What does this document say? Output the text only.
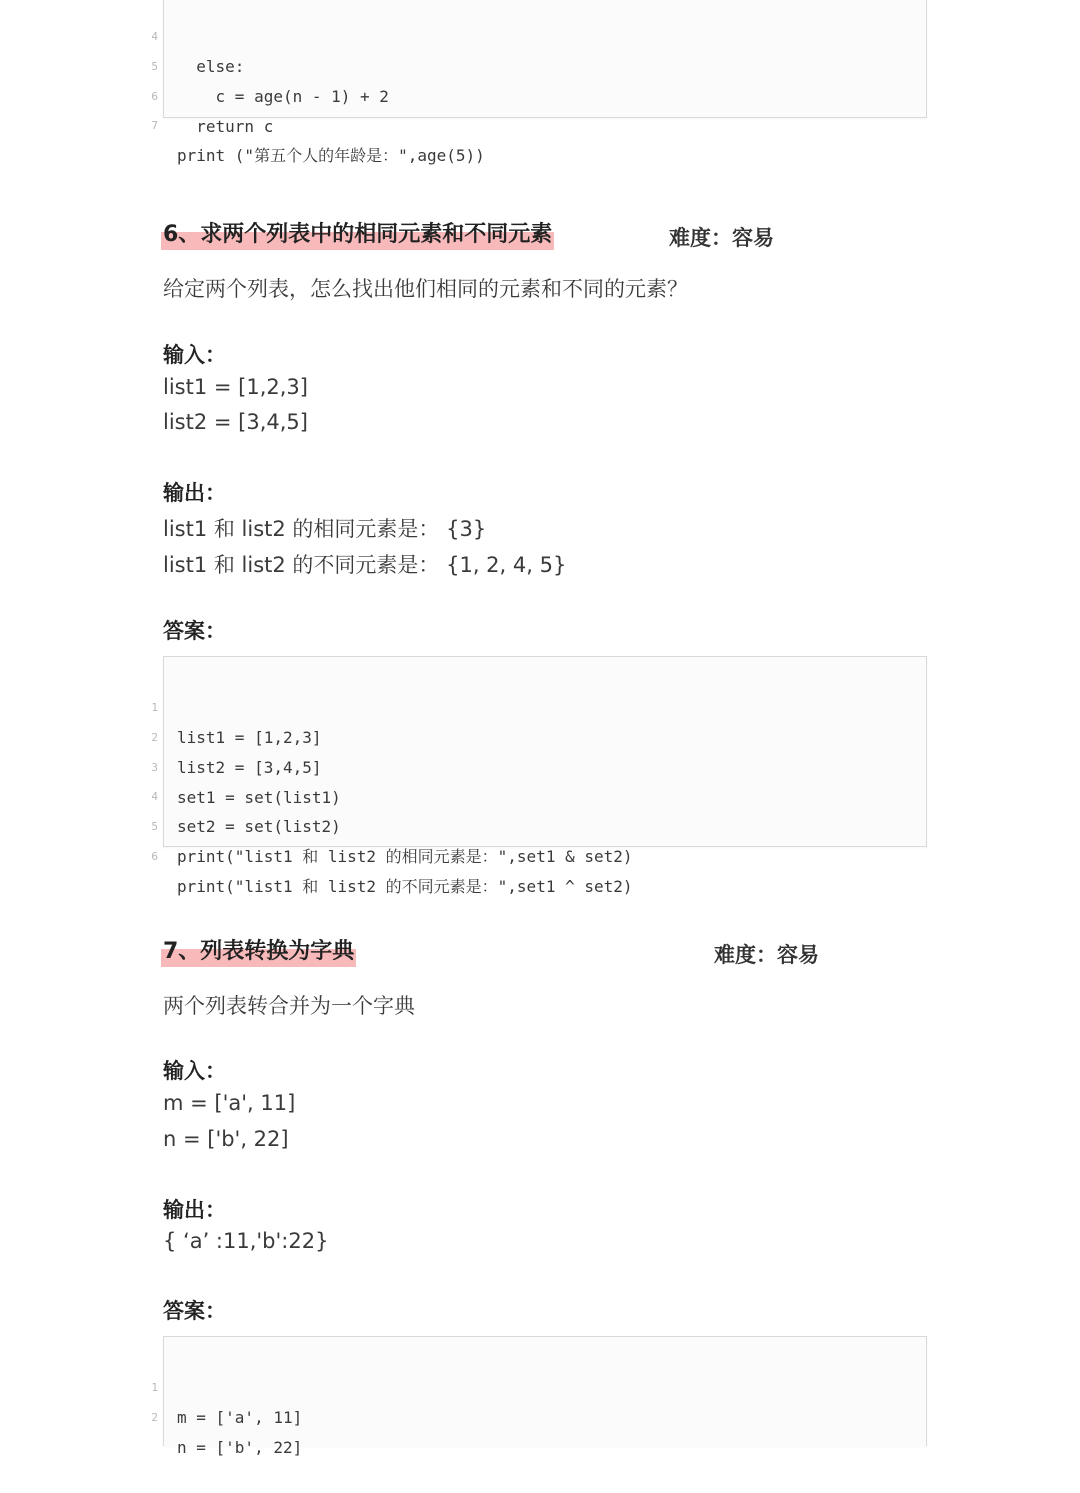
4

else:

5

c = age(n - 1) + 2

6

return c

7

print ("第五个人的年龄是：",age(5))

6、求两个列表中的相同元素和不同元素	难度：容易
给定两个列表，怎么找出他们相同的元素和不同的元素？
输入：
list1 = [1,2,3]
list2 = [3,4,5]
输出：
list1 和 list2 的相同元素是： {3}
list1 和 list2 的不同元素是： {1, 2, 4, 5}
答案：

1

list1 = [1,2,3]

2

list2 = [3,4,5]

3

set1 = set(list1)

4

set2 = set(list2)

5

print("list1 和 list2 的相同元素是：",set1 & set2)

6

print("list1 和 list2 的不同元素是：",set1 ^ set2)

7、列表转换为字典	难度：容易
两个列表转合并为一个字典
输入：
m = ['a', 11]
n = ['b', 22]
输出：
{ ‘a’ :11,'b':22}
答案：

1

m = ['a', 11]

2

n = ['b', 22]
